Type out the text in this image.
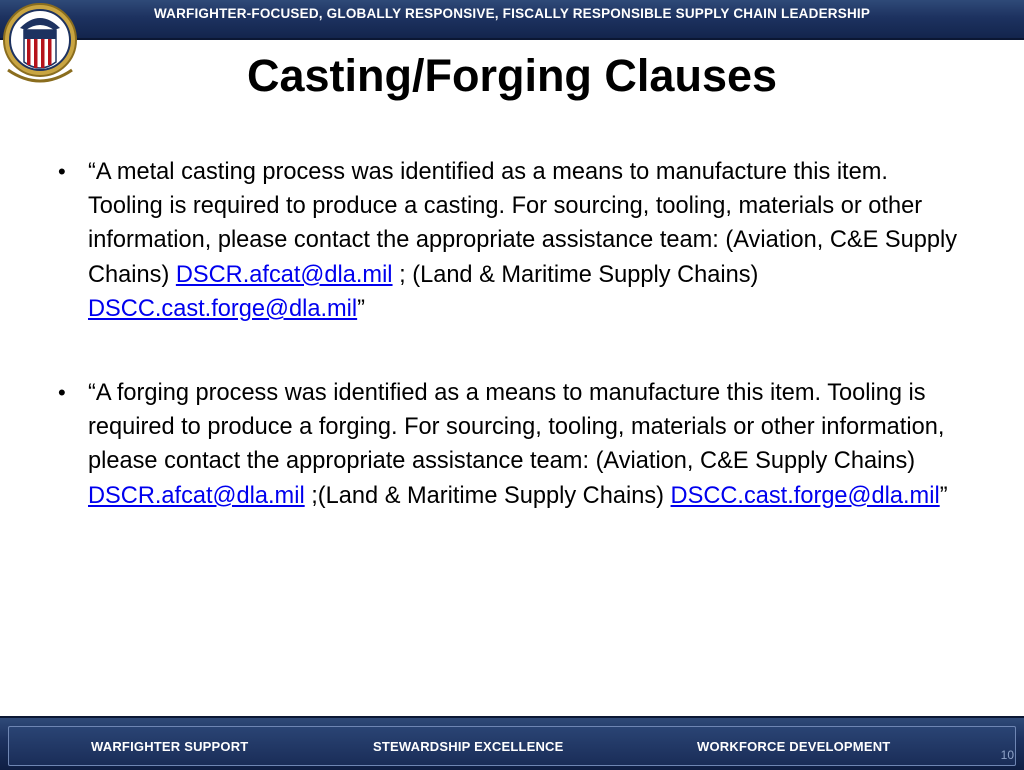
WARFIGHTER-FOCUSED, GLOBALLY RESPONSIVE, FISCALLY RESPONSIBLE SUPPLY CHAIN LEADERSHIP
Casting/Forging Clauses
• “A metal casting process was identified as a means to manufacture this item. Tooling is required to produce a casting. For sourcing, tooling, materials or other information, please contact the appropriate assistance team: (Aviation, C&E Supply Chains) DSCR.afcat@dla.mil ; (Land & Maritime Supply Chains) DSCC.cast.forge@dla.mil”
• “A forging process was identified as a means to manufacture this item. Tooling is required to produce a forging. For sourcing, tooling, materials or other information, please contact the appropriate assistance team: (Aviation, C&E Supply Chains) DSCR.afcat@dla.mil ;(Land & Maritime Supply Chains) DSCC.cast.forge@dla.mil”
WARFIGHTER SUPPORT	STEWARDSHIP EXCELLENCE	WORKFORCE DEVELOPMENT
10
